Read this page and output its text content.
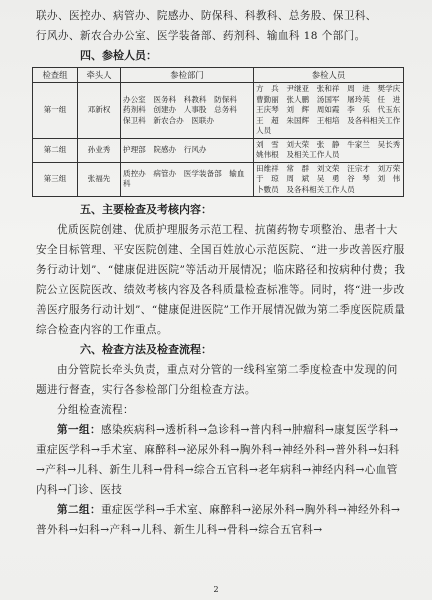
联办、医控办、病管办、院感办、防保科、科教科、总务股、保卫科、

行风办、新农合办公室、医学装备部、药剂科、输血科 18 个部门。

四、参检人员：

检查组	牵头人	参检部门	参检人员
第一组	邓新权	办公室　医务科　科教科　防保科　药剂科　创建办　人事股　总务科　保卫科　新农合办　医联办	方　兵　尹继亚　张和祥　周　进　樊学庆　曹勤丽　张人鹏　汤国军　屠玲英　任　进　王庆琴　刘　辉　周如霞　李　乐　代玉东　王　超　朱国辉　王相培　及各科相关工作人员
第二组	孙业秀	护理部　院感办　行风办	刘　雪　刘大荣　张　静　牛家兰　吴长秀　姚伟根　及相关工作人员
第三组	张福先	质控办　病管办　医学装备部　输血科	田维祥　常　群　刘文荣　汪宗才　刘万荣　于　琼　周　斌　吴　勇　谷　琴　刘　伟　卜數员　及各科相关工作人员

五、主要检查及考核内容：

优质医院创建、优质护理服务示范工程、抗菌药物专项整治、患者十大安全目标管理、平安医院创建、全国百姓放心示范医院、“进一步改善医疗服务行动计划”、“健康促进医院”等活动开展情况；临床路径和按病种付费；我院公立医院医改、绩效考核内容及各科质量检查标准等。同时，将“进一步改善医疗服务行动计划”、“健康促进医院”工作开展情况做为第二季度医院质量综合检查内容的工作重点。

六、检查方法及检查流程：

由分管院长牵头负责，重点对分管的一线科室第二季度检查中发现的问题进行督查，实行各参检部门分组检查方法。

分组检查流程：

第一组：感染疾病科→透析科→急诊科→普内科→肿瘤科→康复医学科→重症医学科→手术室、麻醉科→泌尿外科→胸外科→神经外科→普外科→妇科→产科→儿科、新生儿科→骨科→综合五官科→老年病科→神经内科→心血管内科→门诊、医技

第二组：重症医学科→手术室、麻醉科→泌尿外科→胸外科→神经外科→普外科→妇科→产科→儿科、新生儿科→骨科→综合五官科→

2
